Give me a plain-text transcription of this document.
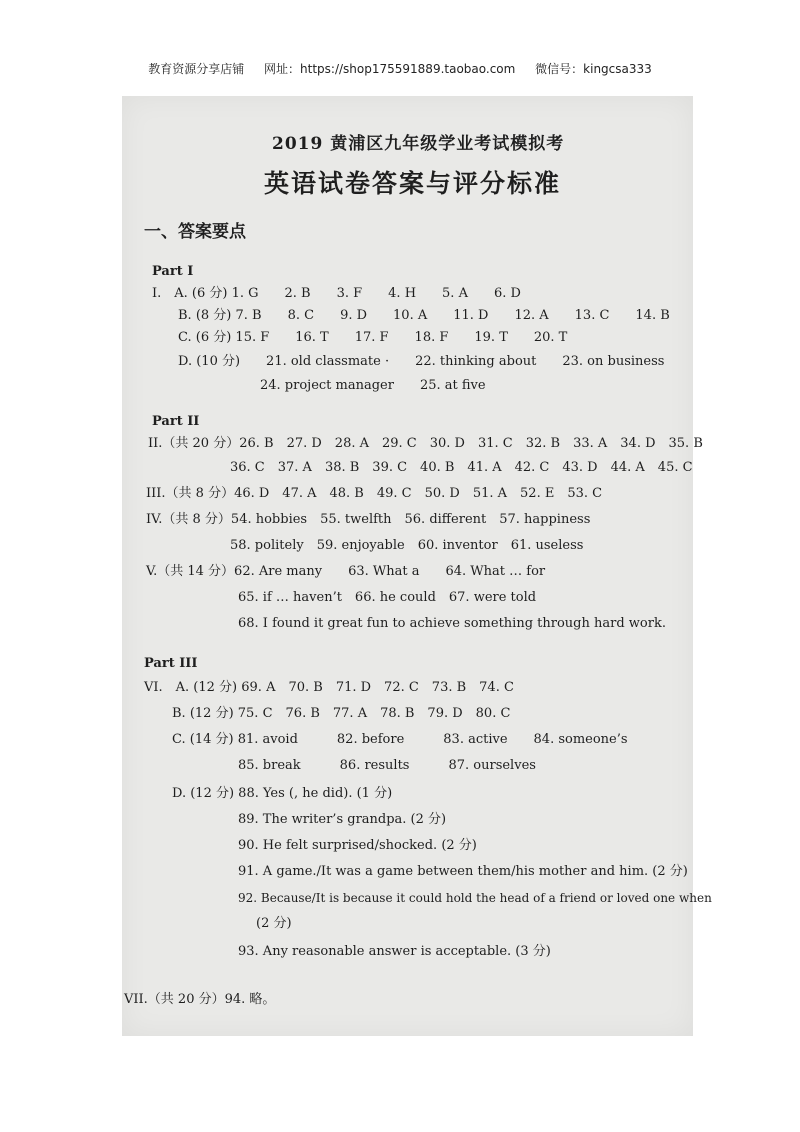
教育资源分享店铺 网址：https://shop175591889.taobao.com 微信号：kingcsa333
2019 黄浦区九年级学业考试模拟考
英语试卷答案与评分标准
一、答案要点
Part I
I.　A. (6 分) 1. G　　2. B　　3. F　　4. H　　5. A　　6. D
B. (8 分) 7. B　　8. C　　9. D　　10. A　　11. D　　12. A　　13. C　　14. B
C. (6 分) 15. F　　16. T　　17. F　　18. F　　19. T　　20. T
D. (10 分)　　21. old classmate ·　　22. thinking about　　23. on business
24. project manager　　25. at five
Part II
II.（共 20 分）26. B　27. D　28. A　29. C　30. D　31. C　32. B　33. A　34. D　35. B
36. C　37. A　38. B　39. C　40. B　41. A　42. C　43. D　44. A　45. C
III.（共 8 分）46. D　47. A　48. B　49. C　50. D　51. A　52. E　53. C
IV.（共 8 分）54. hobbies　55. twelfth　56. different　57. happiness
58. politely　59. enjoyable　60. inventor　61. useless
V.（共 14 分）62. Are many　　63. What a　　64. What … for
65. if … haven’t　66. he could　67. were told
68. I found it great fun to achieve something through hard work.
Part III
VI.　A. (12 分) 69. A　70. B　71. D　72. C　73. B　74. C
B. (12 分) 75. C　76. B　77. A　78. B　79. D　80. C
C. (14 分) 81. avoid　　　82. before　　　83. active　　84. someone’s
85. break　　　86. results　　　87. ourselves
D. (12 分) 88. Yes (, he did). (1 分)
89. The writer’s grandpa. (2 分)
90. He felt surprised/shocked. (2 分)
91. A game./It was a game between them/his mother and him. (2 分)
92. Because/It is because it could hold the head of a friend or loved one when
(2 分)
93. Any reasonable answer is acceptable. (3 分)
VII.（共 20 分）94. 略。
